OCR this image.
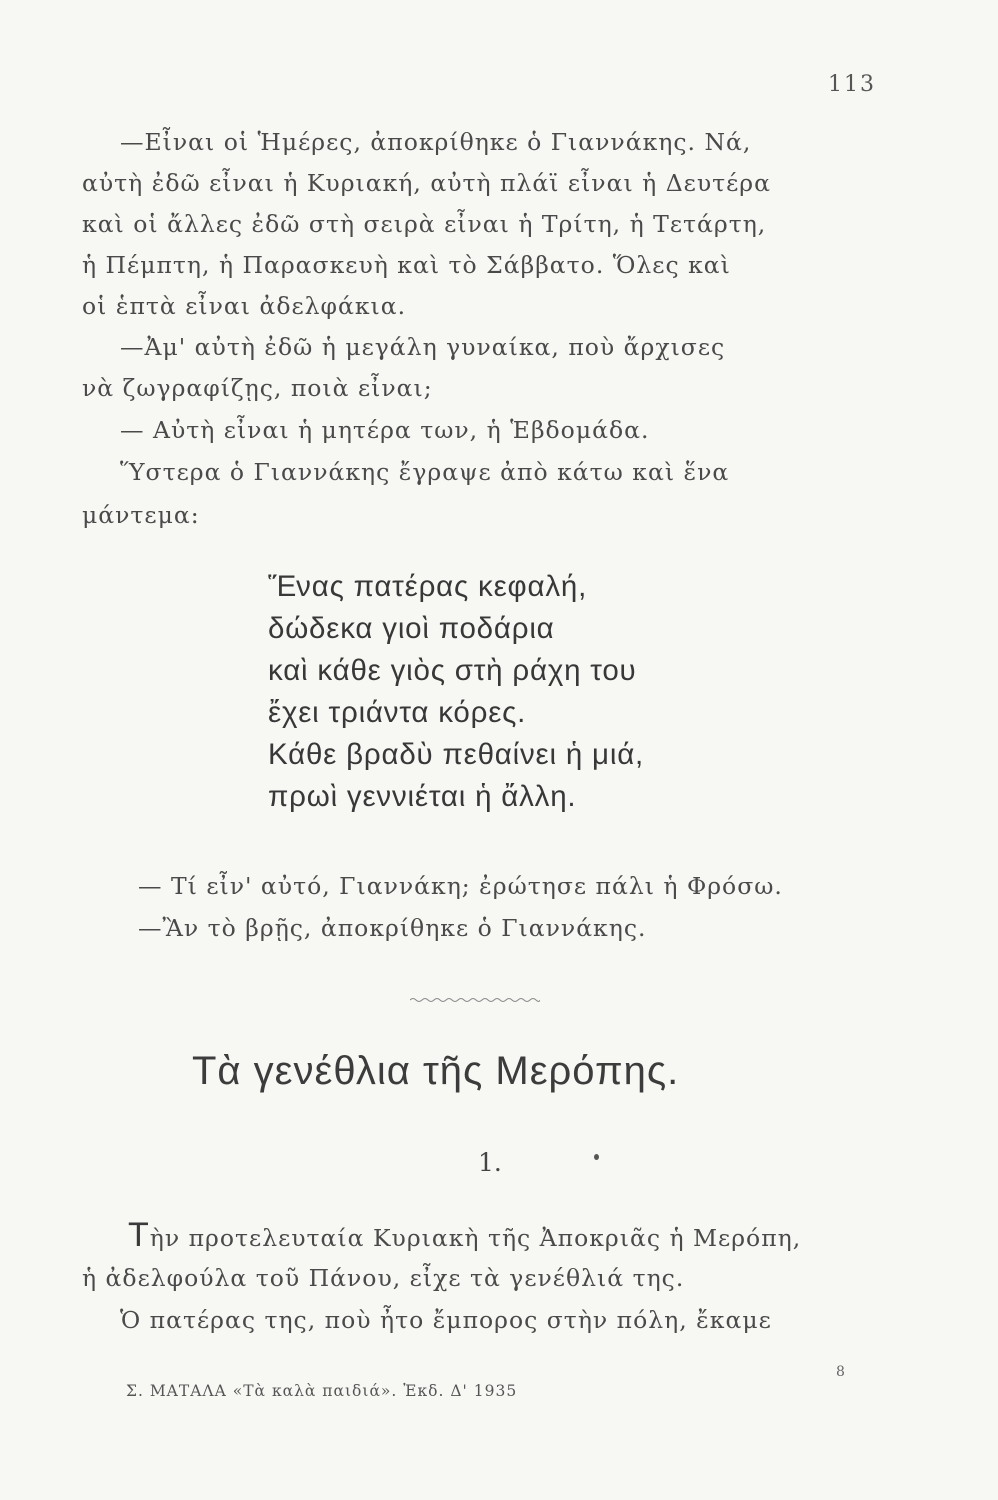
113
—Εἶναι οἱ Ἡμέρες, ἀποκρίθηκε ὁ Γιαννάκης. Νά,
αὐτὴ ἐδῶ εἶναι ἡ Κυριακή, αὐτὴ πλάϊ εἶναι ἡ Δευτέρα
καὶ οἱ ἄλλες ἐδῶ στὴ σειρὰ εἶναι ἡ Τρίτη, ἡ Τετάρτη,
ἡ Πέμπτη, ἡ Παρασκευὴ καὶ τὸ Σάββατο. Ὅλες καὶ
οἱ ἑπτὰ εἶναι ἀδελφάκια.
—Ἀμ' αὐτὴ ἐδῶ ἡ μεγάλη γυναίκα, ποὺ ἄρχισες
νὰ ζωγραφίζῃς, ποιὰ εἶναι;
— Αὐτὴ εἶναι ἡ μητέρα των, ἡ Ἑβδομάδα.
Ὕστερα ὁ Γιαννάκης ἔγραψε ἀπὸ κάτω καὶ ἕνα
μάντεμα:
Ἕνας πατέρας κεφαλή,
δώδεκα γιοὶ ποδάρια
καὶ κάθε γιὸς στὴ ράχη του
ἔχει τριάντα κόρες.
Κάθε βραδὺ πεθαίνει ἡ μιά,
πρωὶ γεννιέται ἡ ἄλλη.
— Τί εἶν' αὐτό, Γιαννάκη; ἐρώτησε πάλι ἡ Φρόσω.
—Ἂν τὸ βρῇς, ἀποκρίθηκε ὁ Γιαννάκης.
Τὰ γενέθλια τῆς Μερόπης.
1.
Τὴν προτελευταία Κυριακὴ τῆς Ἀποκριᾶς ἡ Μερόπη,
ἡ ἀδελφούλα τοῦ Πάνου, εἶχε τὰ γενέθλιά της.
Ὁ πατέρας της, ποὺ ἦτο ἔμπορος στὴν πόλη, ἔκαμε
Σ. ΜΑΤΑΛΑ «Τὰ καλὰ παιδιά». Ἐκδ. Δ' 1935
8
